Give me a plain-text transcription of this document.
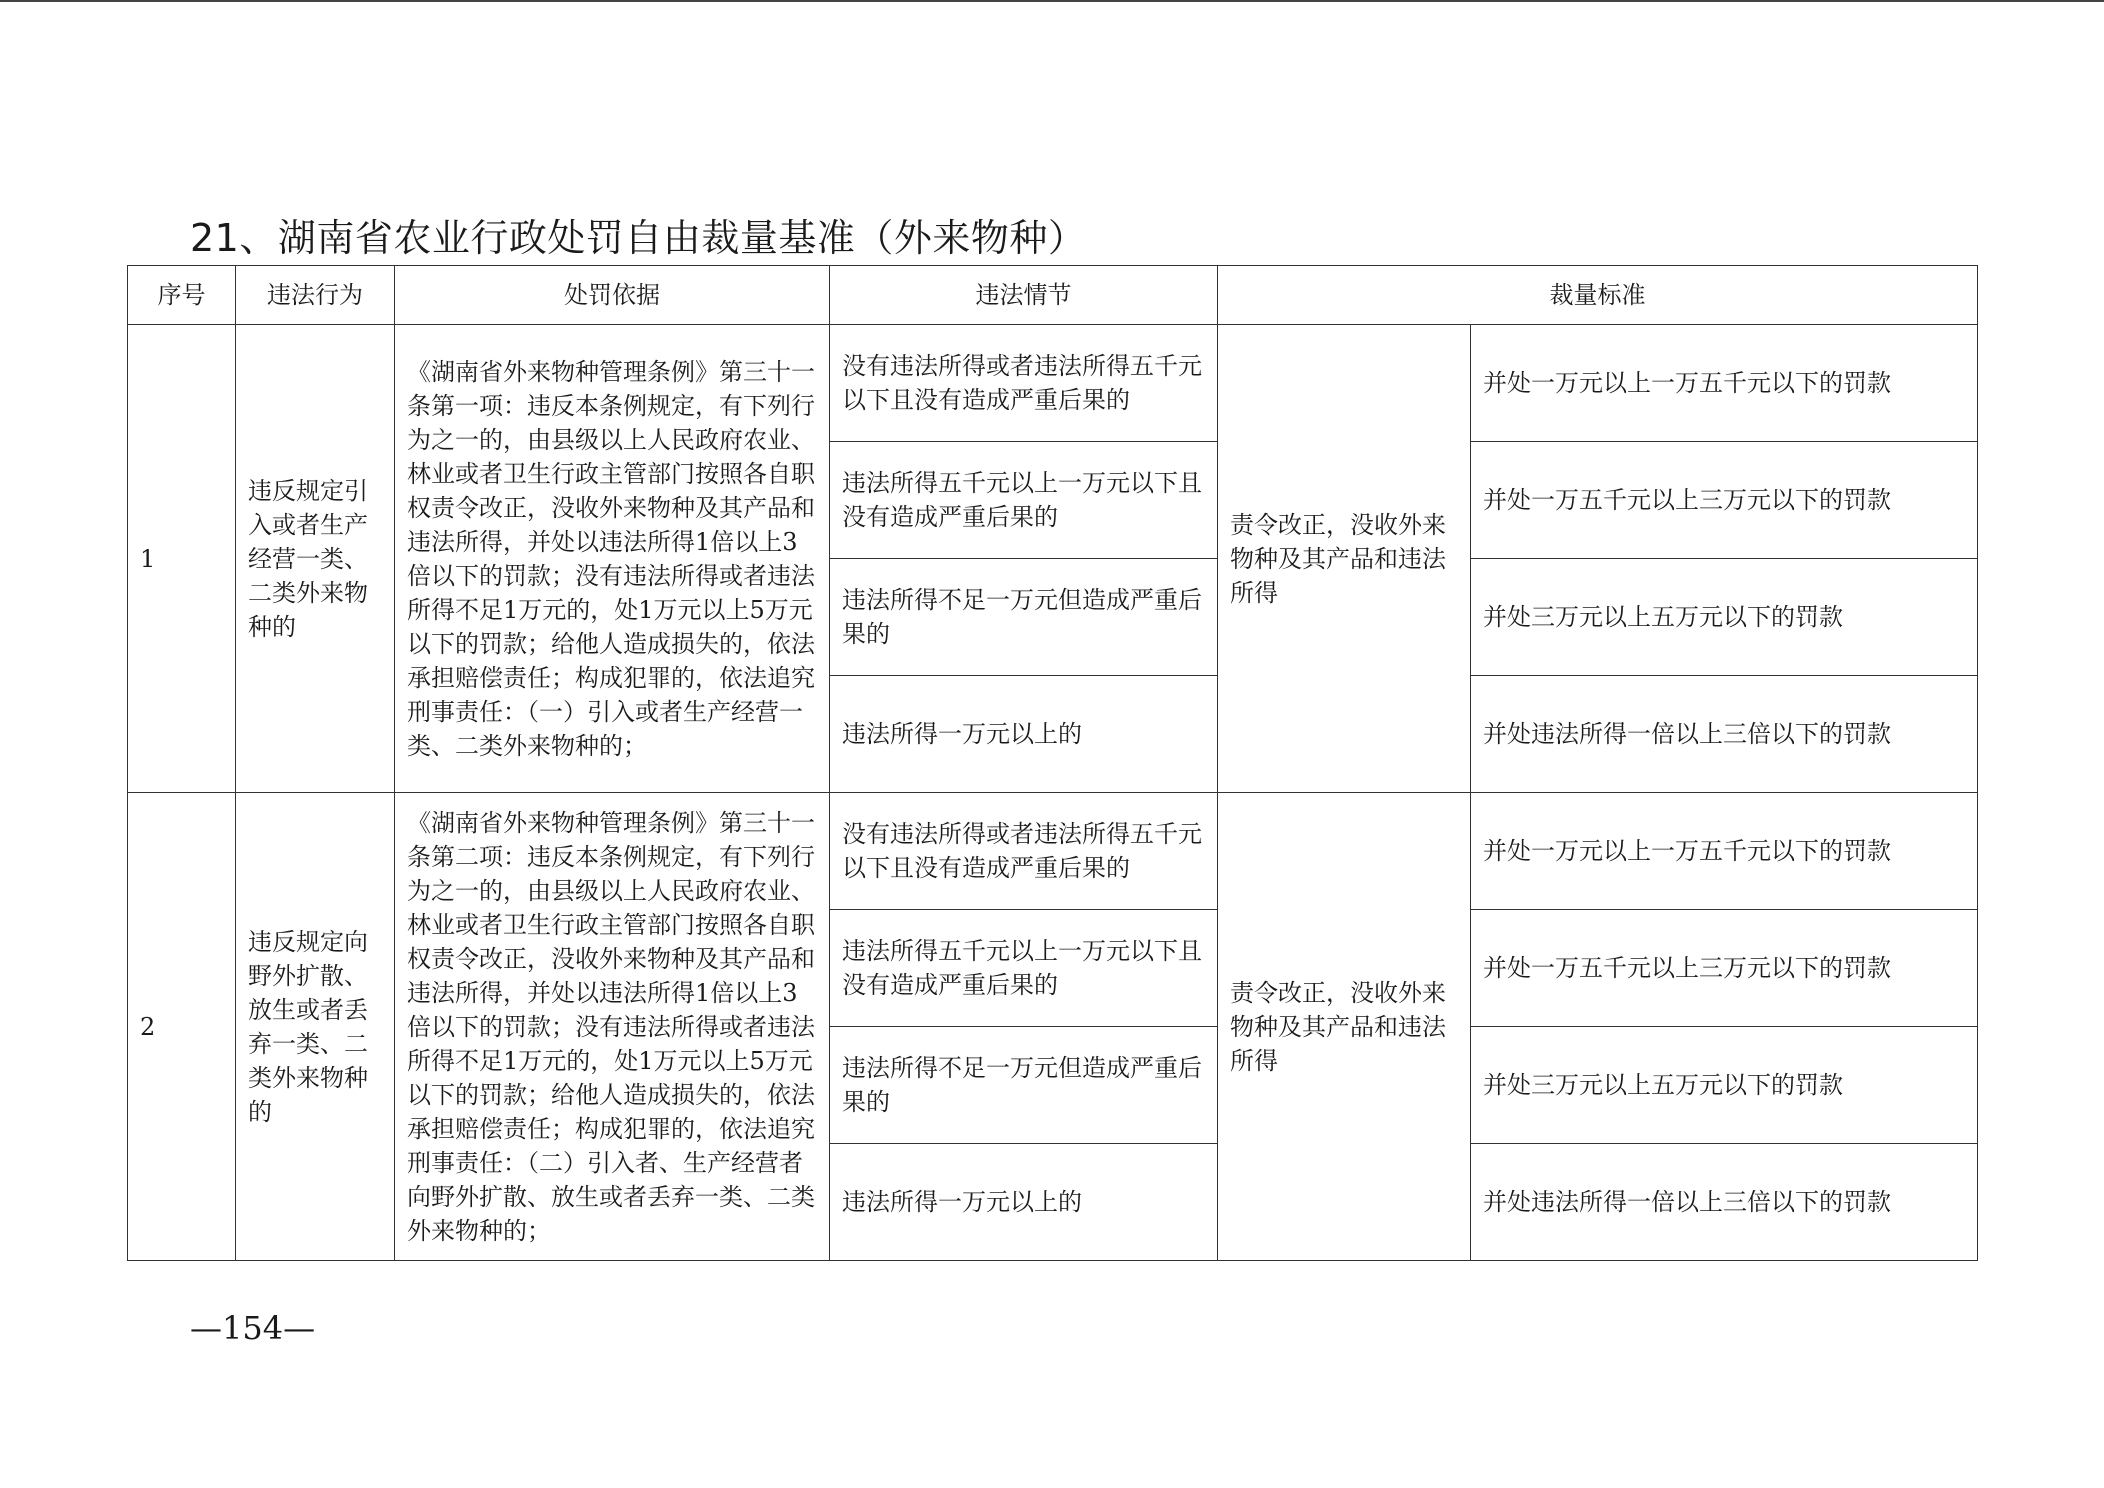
21、湖南省农业行政处罚自由裁量基准（外来物种）
序号	违法行为	处罚依据	违法情节	裁量标准	
1	违反规定引入或者生产经营一类、二类外来物种的	《湖南省外来物种管理条例》第三十一条第一项：违反本条例规定，有下列行为之一的，由县级以上人民政府农业、林业或者卫生行政主管部门按照各自职权责令改正，没收外来物种及其产品和违法所得，并处以违法所得1倍以上3倍以下的罚款；没有违法所得或者违法所得不足1万元的，处1万元以上5万元以下的罚款；给他人造成损失的，依法承担赔偿责任；构成犯罪的，依法追究刑事责任：（一）引入或者生产经营一类、二类外来物种的；	没有违法所得或者违法所得五千元以下且没有造成严重后果的	责令改正，没收外来物种及其产品和违法所得	并处一万元以上一万五千元以下的罚款
			违法所得五千元以上一万元以下且没有造成严重后果的		并处一万五千元以上三万元以下的罚款
			违法所得不足一万元但造成严重后果的		并处三万元以上五万元以下的罚款
			违法所得一万元以上的		并处违法所得一倍以上三倍以下的罚款
2	违反规定向野外扩散、放生或者丢弃一类、二类外来物种的	《湖南省外来物种管理条例》第三十一条第二项：违反本条例规定，有下列行为之一的，由县级以上人民政府农业、林业或者卫生行政主管部门按照各自职权责令改正，没收外来物种及其产品和违法所得，并处以违法所得1倍以上3倍以下的罚款；没有违法所得或者违法所得不足1万元的，处1万元以上5万元以下的罚款；给他人造成损失的，依法承担赔偿责任；构成犯罪的，依法追究刑事责任：（二）引入者、生产经营者向野外扩散、放生或者丢弃一类、二类外来物种的；	没有违法所得或者违法所得五千元以下且没有造成严重后果的	责令改正，没收外来物种及其产品和违法所得	并处一万元以上一万五千元以下的罚款
			违法所得五千元以上一万元以下且没有造成严重后果的		并处一万五千元以上三万元以下的罚款
			违法所得不足一万元但造成严重后果的		并处三万元以上五万元以下的罚款
			违法所得一万元以上的		并处违法所得一倍以上三倍以下的罚款
—154—
